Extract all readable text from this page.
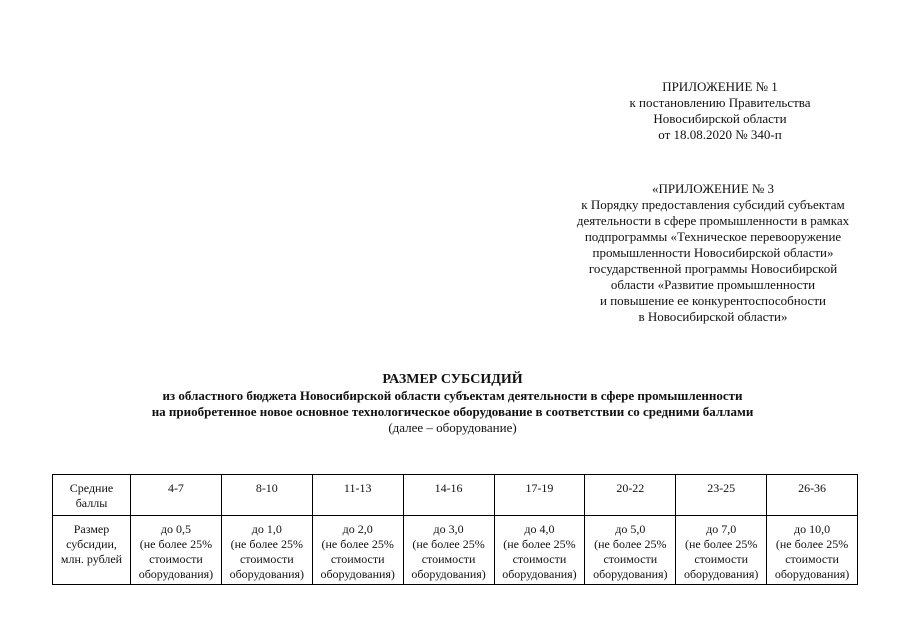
ПРИЛОЖЕНИЕ № 1
к постановлению Правительства
Новосибирской области
от 18.08.2020 № 340-п
«ПРИЛОЖЕНИЕ № 3
к Порядку предоставления субсидий субъектам
деятельности в сфере промышленности в рамках
подпрограммы «Техническое перевооружение
промышленности Новосибирской области»
государственной программы Новосибирской
области «Развитие промышленности
и повышение ее конкурентоспособности
в Новосибирской области»
РАЗМЕР СУБСИДИЙ
из областного бюджета Новосибирской области субъектам деятельности в сфере промышленности
на приобретенное новое основное технологическое оборудование в соответствии со средними баллами
(далее – оборудование)
Средние
баллы	4-7	8-10	11-13	14-16	17-19	20-22	23-25	26-36

Размер
субсидии,
млн. рублей	до 0,5
(не более 25%
стоимости
оборудования)	до 1,0
(не более 25%
стоимости
оборудования)	до 2,0
(не более 25%
стоимости
оборудования)	до 3,0
(не более 25%
стоимости
оборудования)	до 4,0
(не более 25%
стоимости
оборудования)	до 5,0
(не более 25%
стоимости
оборудования)	до 7,0
(не более 25%
стоимости
оборудования)	до 10,0
(не более 25%
стоимости
оборудования)
